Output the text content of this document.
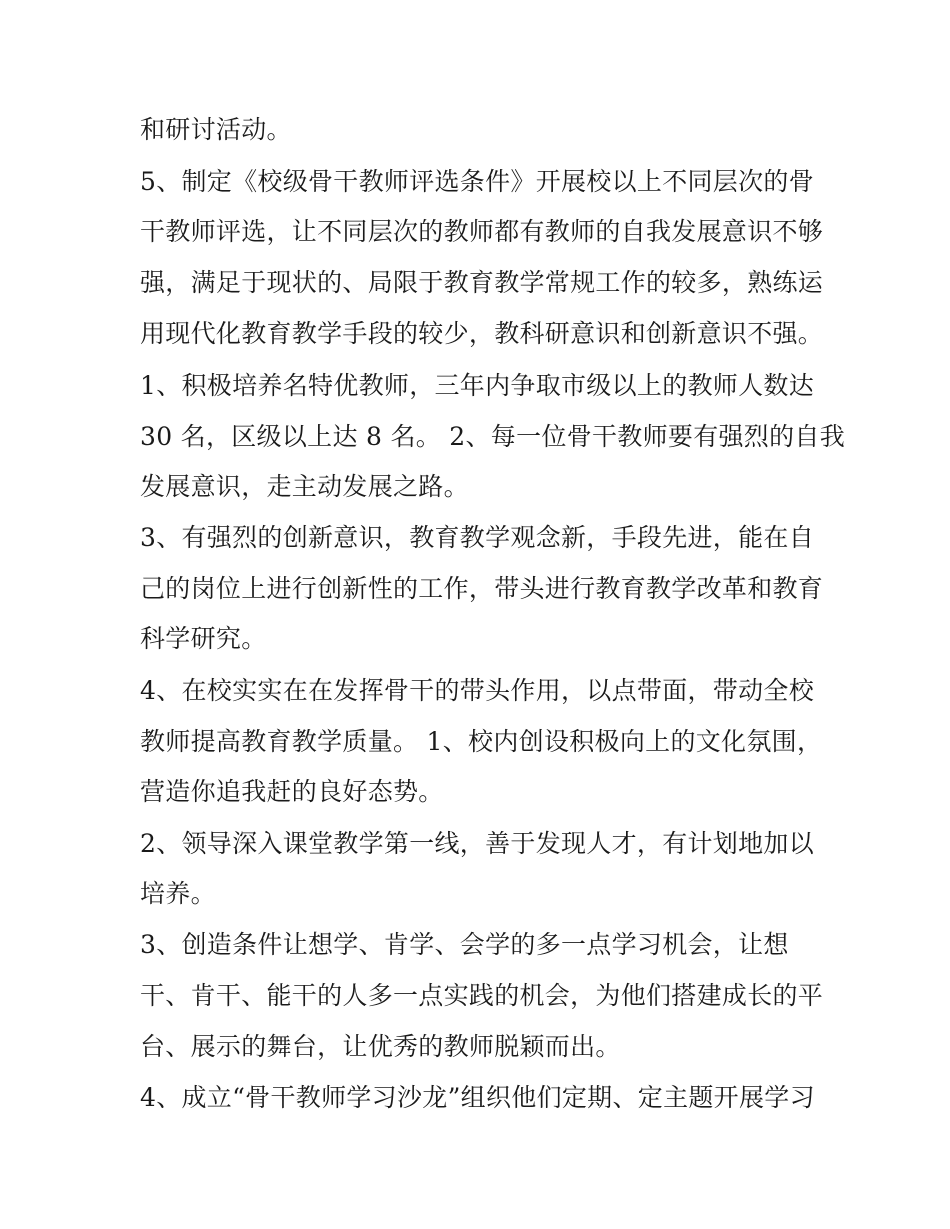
和研讨活动。
5、制定《校级骨干教师评选条件》开展校以上不同层次的骨
干教师评选，让不同层次的教师都有教师的自我发展意识不够
强，满足于现状的、局限于教育教学常规工作的较多，熟练运
用现代化教育教学手段的较少，教科研意识和创新意识不强。
1、积极培养名特优教师，三年内争取市级以上的教师人数达
30 名，区级以上达 8 名。 2、每一位骨干教师要有强烈的自我
发展意识，走主动发展之路。
3、有强烈的创新意识，教育教学观念新，手段先进，能在自
己的岗位上进行创新性的工作，带头进行教育教学改革和教育
科学研究。
4、在校实实在在发挥骨干的带头作用，以点带面，带动全校
教师提高教育教学质量。 1、校内创设积极向上的文化氛围，
营造你追我赶的良好态势。
2、领导深入课堂教学第一线，善于发现人才，有计划地加以
培养。
3、创造条件让想学、肯学、会学的多一点学习机会，让想
干、肯干、能干的人多一点实践的机会，为他们搭建成长的平
台、展示的舞台，让优秀的教师脱颖而出。
4、成立“骨干教师学习沙龙”组织他们定期、定主题开展学习
